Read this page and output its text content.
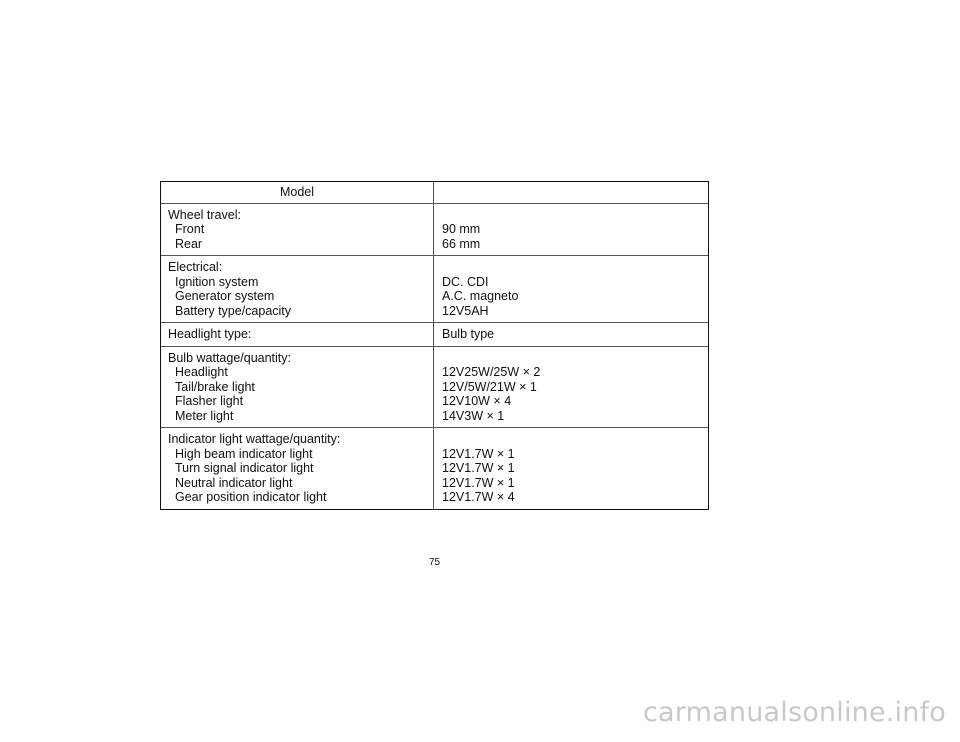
Model
Wheel travel:
Front
Rear
90 mm
66 mm
Electrical:
Ignition system
Generator system
Battery type/capacity
DC. CDI
A.C. magneto
12V5AH
Headlight type:	Bulb type
Bulb wattage/quantity:
Headlight
Tail/brake light
Flasher light
Meter light
12V25W/25W × 2
12V/5W/21W × 1
12V10W × 4
14V3W × 1
Indicator light wattage/quantity:
High beam indicator light
Turn signal indicator light
Neutral indicator light
Gear position indicator light
12V1.7W × 1
12V1.7W × 1
12V1.7W × 1
12V1.7W × 4
75
carmanualsonline.info
